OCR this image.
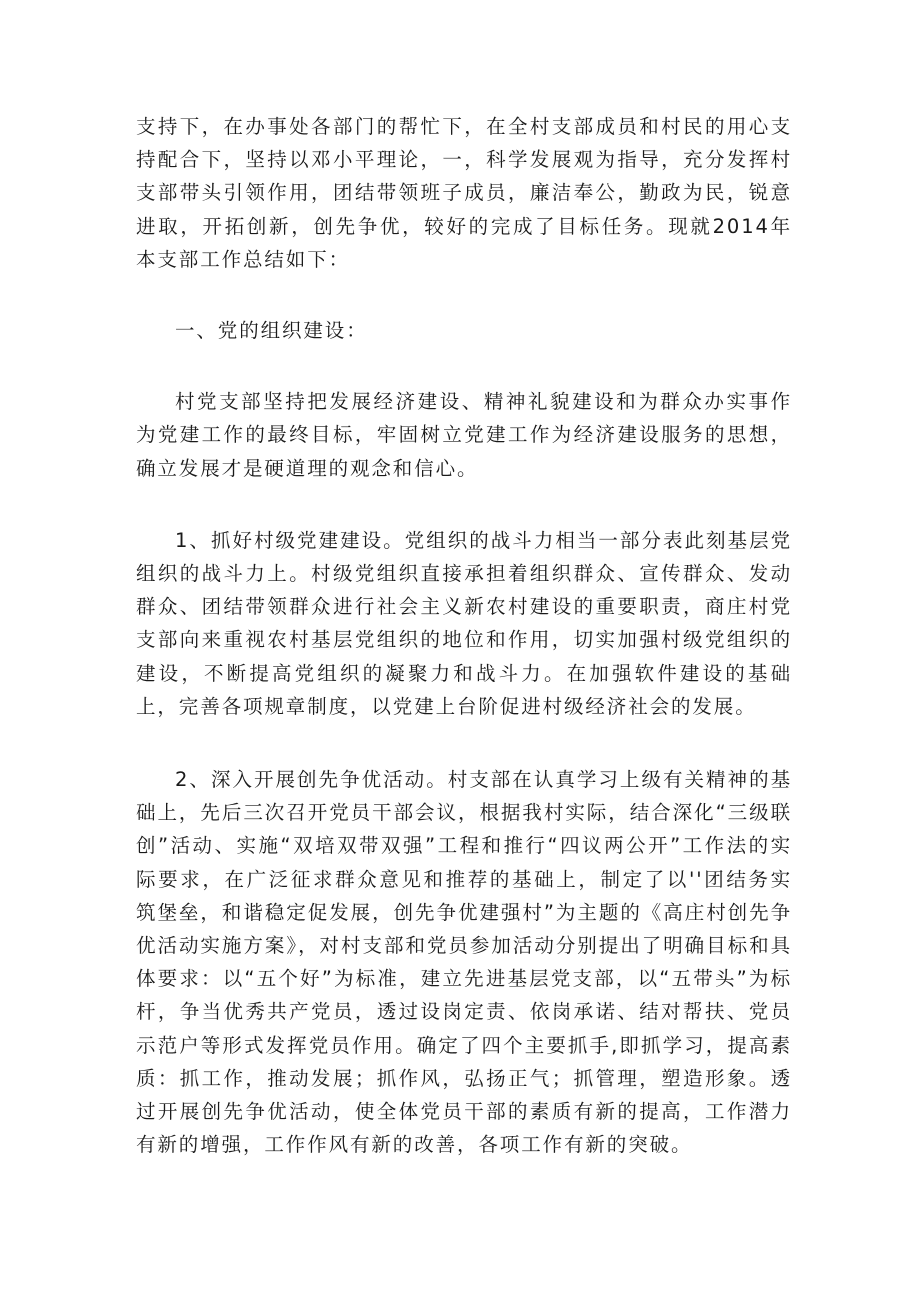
支持下，在办事处各部门的帮忙下，在全村支部成员和村民的用心支持配合下，坚持以邓小平理论，一，科学发展观为指导，充分发挥村支部带头引领作用，团结带领班子成员，廉洁奉公，勤政为民，锐意进取，开拓创新，创先争优，较好的完成了目标任务。现就2014年本支部工作总结如下：

一、党的组织建设：

村党支部坚持把发展经济建设、精神礼貌建设和为群众办实事作为党建工作的最终目标，牢固树立党建工作为经济建设服务的思想，确立发展才是硬道理的观念和信心。

1、抓好村级党建建设。党组织的战斗力相当一部分表此刻基层党组织的战斗力上。村级党组织直接承担着组织群众、宣传群众、发动群众、团结带领群众进行社会主义新农村建设的重要职责，商庄村党支部向来重视农村基层党组织的地位和作用，切实加强村级党组织的建设，不断提高党组织的凝聚力和战斗力。在加强软件建设的基础上，完善各项规章制度，以党建上台阶促进村级经济社会的发展。

2、深入开展创先争优活动。村支部在认真学习上级有关精神的基础上，先后三次召开党员干部会议，根据我村实际，结合深化“三级联创”活动、实施“双培双带双强”工程和推行“四议两公开”工作法的实际要求，在广泛征求群众意见和推荐的基础上，制定了以''团结务实筑堡垒，和谐稳定促发展，创先争优建强村”为主题的《高庄村创先争优活动实施方案》，对村支部和党员参加活动分别提出了明确目标和具体要求：以“五个好”为标准，建立先进基层党支部，以“五带头”为标杆，争当优秀共产党员，透过设岗定责、依岗承诺、结对帮扶、党员示范户等形式发挥党员作用。确定了四个主要抓手,即抓学习，提高素质：抓工作，推动发展；抓作风，弘扬正气；抓管理，塑造形象。透过开展创先争优活动，使全体党员干部的素质有新的提高，工作潜力有新的增强，工作作风有新的改善，各项工作有新的突破。
